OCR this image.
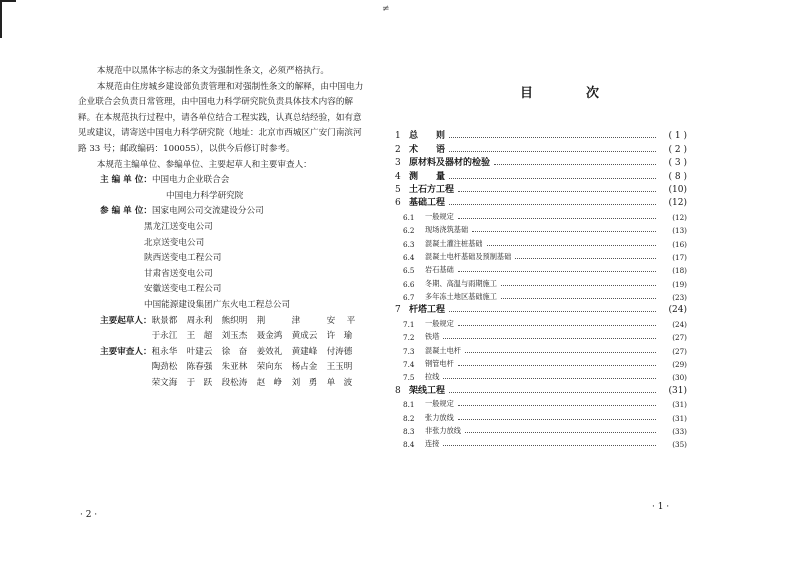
≠

本规范中以黑体字标志的条文为强制性条文，必须严格执行。

本规范由住房城乡建设部负责管理和对强制性条文的解释，由中国电力企业联合会负责日常管理，由中国电力科学研究院负责具体技术内容的解释。在本规范执行过程中，请各单位结合工程实践，认真总结经验，如有意见或建议，请寄送中国电力科学研究院（地址：北京市西城区广安门南滨河路 33 号；邮政编码：100055），以供今后修订时参考。

本规范主编单位、参编单位、主要起草人和主要审查人：

主 编 单 位： 中国电力企业联合会
中国电力科学研究院
参 编 单 位： 国家电网公司交流建设分公司
黑龙江送变电公司
北京送变电公司
陕西送变电工程公司
甘肃省送变电公司
安徽送变电工程公司
中国能源建设集团广东火电工程总公司
主要起草人： 耿景都	周永利	熊织明	荆	津	安	平
于永江	王 超	刘玉杰	聂金鸿	黄成云	许 瑜
主要审查人： 租永华	叶建云	徐 奋	姜效礼	黄建峰	付涛德
陶劲松	陈春强	朱亚林	荣向东	杨占金	王玉明
荣文海	于 跃	段松涛	赵 峥	刘 勇	单 波
· 2 ·
目　次
1 总　　则	( 1 )
2 术　　语	( 2 )
3 原材料及器材的检验	( 3 )
4 测　　量	( 8 )
5 土石方工程	(10)
6 基础工程	(12)
6.1	一般规定	(12)
6.2	现场浇筑基础	(13)
6.3	混凝土灌注桩基础	(16)
6.4	混凝土电杆基础及预制基础	(17)
6.5	岩石基础	(18)
6.6	冬期、高温与雨期施工	(19)
6.7	多年冻土地区基础施工	(23)
7 杆塔工程	(24)
7.1	一般规定	(24)
7.2	铁塔	(27)
7.3	混凝土电杆	(27)
7.4	钢管电杆	(29)
7.5	拉线	(30)
8 架线工程	(31)
8.1	一般规定	(31)
8.2	张力放线	(31)
8.3	非张力放线	(33)
8.4	连接	(35)
· 1 ·
